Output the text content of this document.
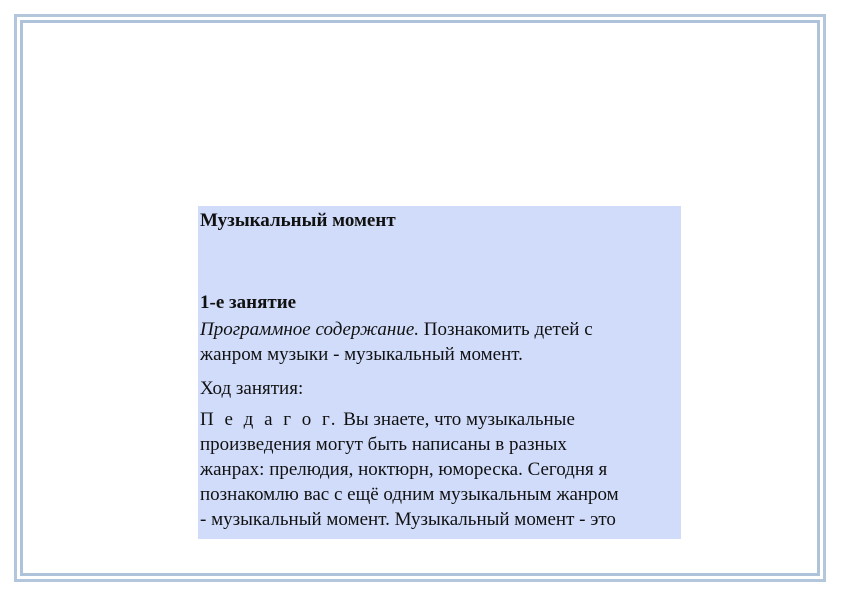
Музыкальный момент

1-е занятие

Программное содержание. Познакомить детей с
жанром музыки - музыкальный момент.

Ход занятия:

П е д а г о г. Вы знаете, что музыкальные
произведения могут быть написаны в разных
жанрах: прелюдия, ноктюрн, юмореска. Сегодня я
познакомлю вас с ещё одним музыкальным жанром
- музыкальный момент. Музыкальный момент - это
